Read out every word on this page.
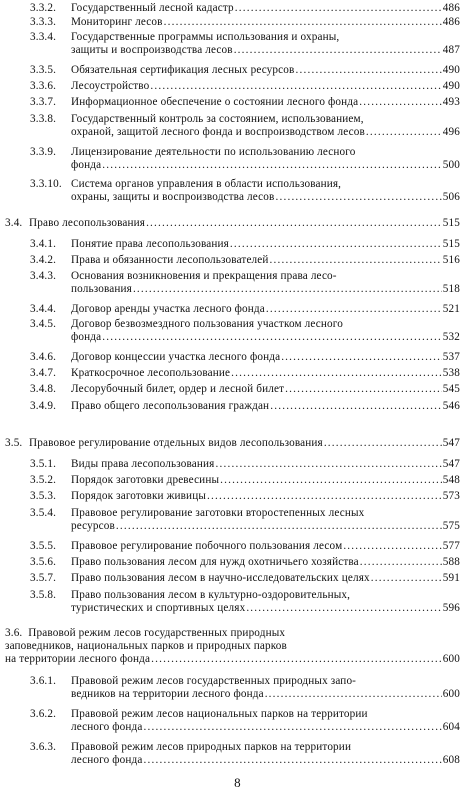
3.3.2. Государственный лесной кадастр .....	486
3.3.3. Мониторинг лесов .....	486
3.3.4. Государственные программы использования и охраны,
защиты и воспроизводства лесов .....	487
3.3.5. Обязательная сертификация лесных ресурсов .....	490
3.3.6. Лесоустройство .....	490
3.3.7. Информационное обеспечение о состоянии лесного фонда .....	493
3.3.8. Государственный контроль за состоянием, использованием,
охраной, защитой лесного фонда и воспроизводством лесов .....	496
3.3.9. Лицензирование деятельности по использованию лесного
фонда .....	500
3.3.10. Система органов управления в области использования,
охраны, защиты и воспроизводства лесов .....	506
3.4. Право лесопользования .....	515
3.4.1. Понятие права лесопользования .....	515
3.4.2. Права и обязанности лесопользователей .....	516
3.4.3. Основания возникновения и прекращения права лесо-
пользования .....	518
3.4.4. Договор аренды участка лесного фонда .....	521
3.4.5. Договор безвозмездного пользования участком лесного
фонда .....	532
3.4.6. Договор концессии участка лесного фонда .....	537
3.4.7. Краткосрочное лесопользование .....	538
3.4.8. Лесорубочный билет, ордер и лесной билет .....	545
3.4.9. Право общего лесопользования граждан .....	546
3.5. Правовое регулирование отдельных видов лесопользования .....	547
3.5.1. Виды права лесопользования .....	547
3.5.2. Порядок заготовки древесины .....	548
3.5.3. Порядок заготовки живицы .....	573
3.5.4. Правовое регулирование заготовки второстепенных лесных
ресурсов .....	575
3.5.5. Правовое регулирование побочного пользования лесом .....	577
3.5.6. Право пользования лесом для нужд охотничьего хозяйства .....	588
3.5.7. Право пользования лесом в научно-исследовательских целях .....	591
3.5.8. Право пользования лесом в культурно-оздоровительных,
туристических и спортивных целях .....	596
3.6. Правовой режим лесов государственных природных
заповедников, национальных парков и природных парков
на территории лесного фонда .....	600
3.6.1. Правовой режим лесов государственных природных запо-
ведников на территории лесного фонда .....	600
3.6.2. Правовой режим лесов национальных парков на территории
лесного фонда .....	604
3.6.3. Правовой режим лесов природных парков на территории
лесного фонда .....	608
8
